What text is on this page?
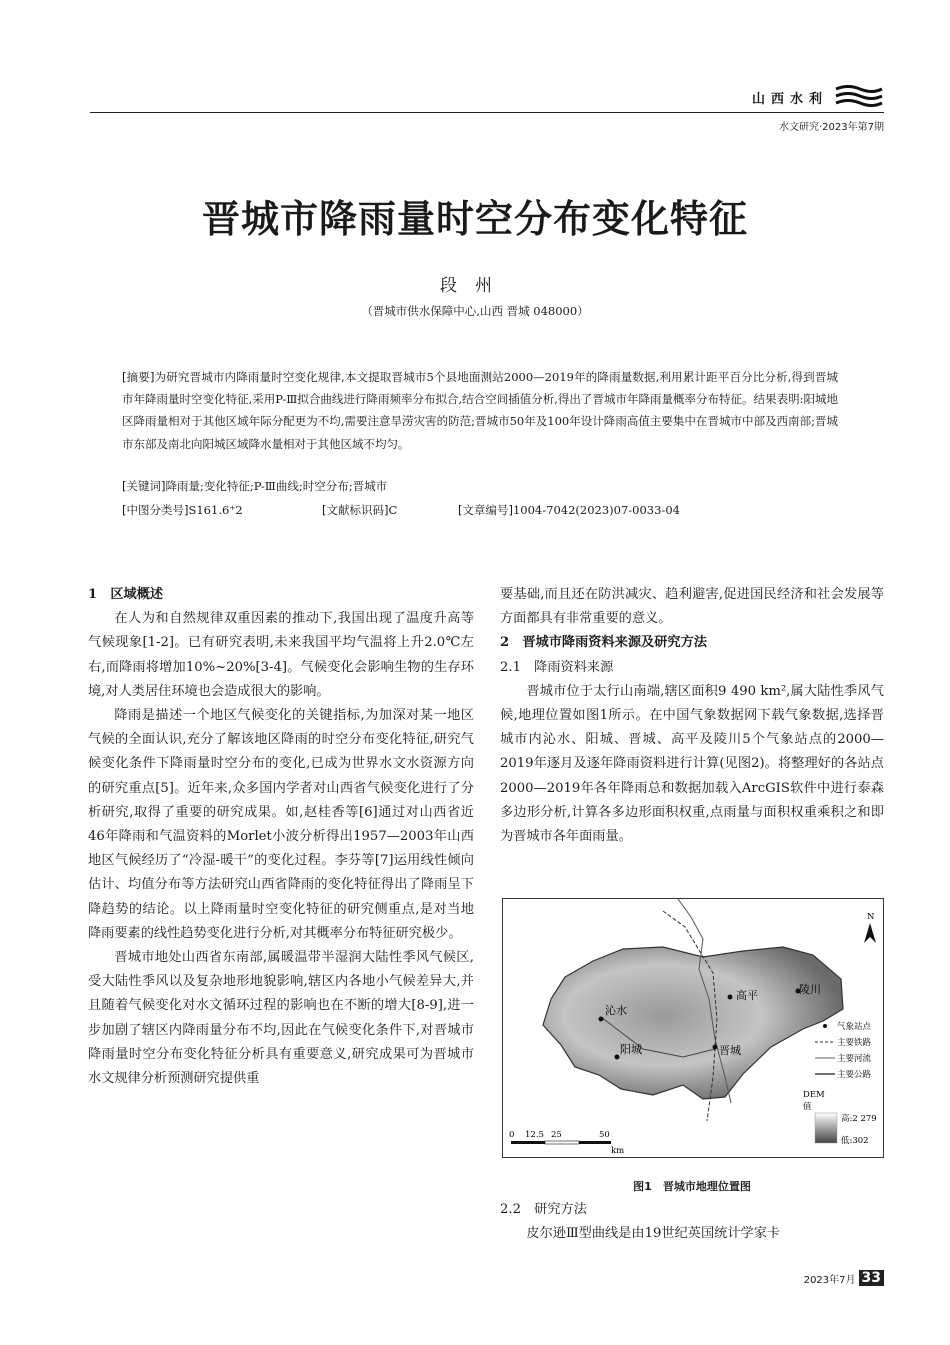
山西水利
水文研究·2023年第7期
晋城市降雨量时空分布变化特征
段州
（晋城市供水保障中心,山西 晋城 048000）
[摘要]为研究晋城市内降雨量时空变化规律,本文提取晋城市5个县地面测站2000—2019年的降雨量数据,利用累计距平百分比分析,得到晋城市年降雨量时空变化特征,采用P-Ⅲ拟合曲线进行降雨频率分布拟合,结合空间插值分析,得出了晋城市年降雨量概率分布特征。结果表明:阳城地区降雨量相对于其他区域年际分配更为不均,需要注意旱涝灾害的防范;晋城市50年及100年设计降雨高值主要集中在晋城市中部及西南部;晋城市东部及南北向阳城区域降水量相对于其他区域不均匀。
[关键词]降雨量;变化特征;P-Ⅲ曲线;时空分布;晋城市
[中图分类号]S161.6⁺2	[文献标识码]C	[文章编号]1004-7042(2023)07-0033-04
1　区域概述

在人为和自然规律双重因素的推动下,我国出现了温度升高等气候现象[1-2]。已有研究表明,未来我国平均气温将上升2.0℃左右,而降雨将增加10%~20%[3-4]。气候变化会影响生物的生存环境,对人类居住环境也会造成很大的影响。

降雨是描述一个地区气候变化的关键指标,为加深对某一地区气候的全面认识,充分了解该地区降雨的时空分布变化特征,研究气候变化条件下降雨量时空分布的变化,已成为世界水文水资源方向的研究重点[5]。近年来,众多国内学者对山西省气候变化进行了分析研究,取得了重要的研究成果。如,赵桂香等[6]通过对山西省近46年降雨和气温资料的Morlet小波分析得出1957—2003年山西地区气候经历了“冷湿-暖干”的变化过程。李芬等[7]运用线性倾向估计、均值分布等方法研究山西省降雨的变化特征得出了降雨呈下降趋势的结论。以上降雨量时空变化特征的研究侧重点,是对当地降雨要素的线性趋势变化进行分析,对其概率分布特征研究极少。

晋城市地处山西省东南部,属暖温带半湿润大陆性季风气候区,受大陆性季风以及复杂地形地貌影响,辖区内各地小气候差异大,并且随着气候变化对水文循环过程的影响也在不断的增大[8-9],进一步加剧了辖区内降雨量分布不均,因此在气候变化条件下,对晋城市降雨量时空分布变化特征分析具有重要意义,研究成果可为晋城市水文规律分析预测研究提供重

要基础,而且还在防洪减灾、趋利避害,促进国民经济和社会发展等方面都具有非常重要的意义。
2　晋城市降雨资料来源及研究方法
2.1　降雨资料来源

晋城市位于太行山南端,辖区面积9 490 km²,属大陆性季风气候,地理位置如图1所示。在中国气象数据网下载气象数据,选择晋城市内沁水、阳城、晋城、高平及陵川5个气象站点的2000—2019年逐月及逐年降雨资料进行计算(见图2)。将整理好的各站点2000—2019年各年降雨总和数据加载入ArcGIS软件中进行泰森多边形分析,计算各多边形面积权重,点雨量与面积权重乘积之和即为晋城市各年面雨量。

沁水
高平	陵川
阳城	晋城
N
气象站点
主要铁路
主要河流
主要公路
DEM
值
高:2 279
低:302
0 12.5 25	50
km
图1　晋城市地理位置图
2.2　研究方法

皮尔逊Ⅲ型曲线是由19世纪英国统计学家卡

2023年7月 33
